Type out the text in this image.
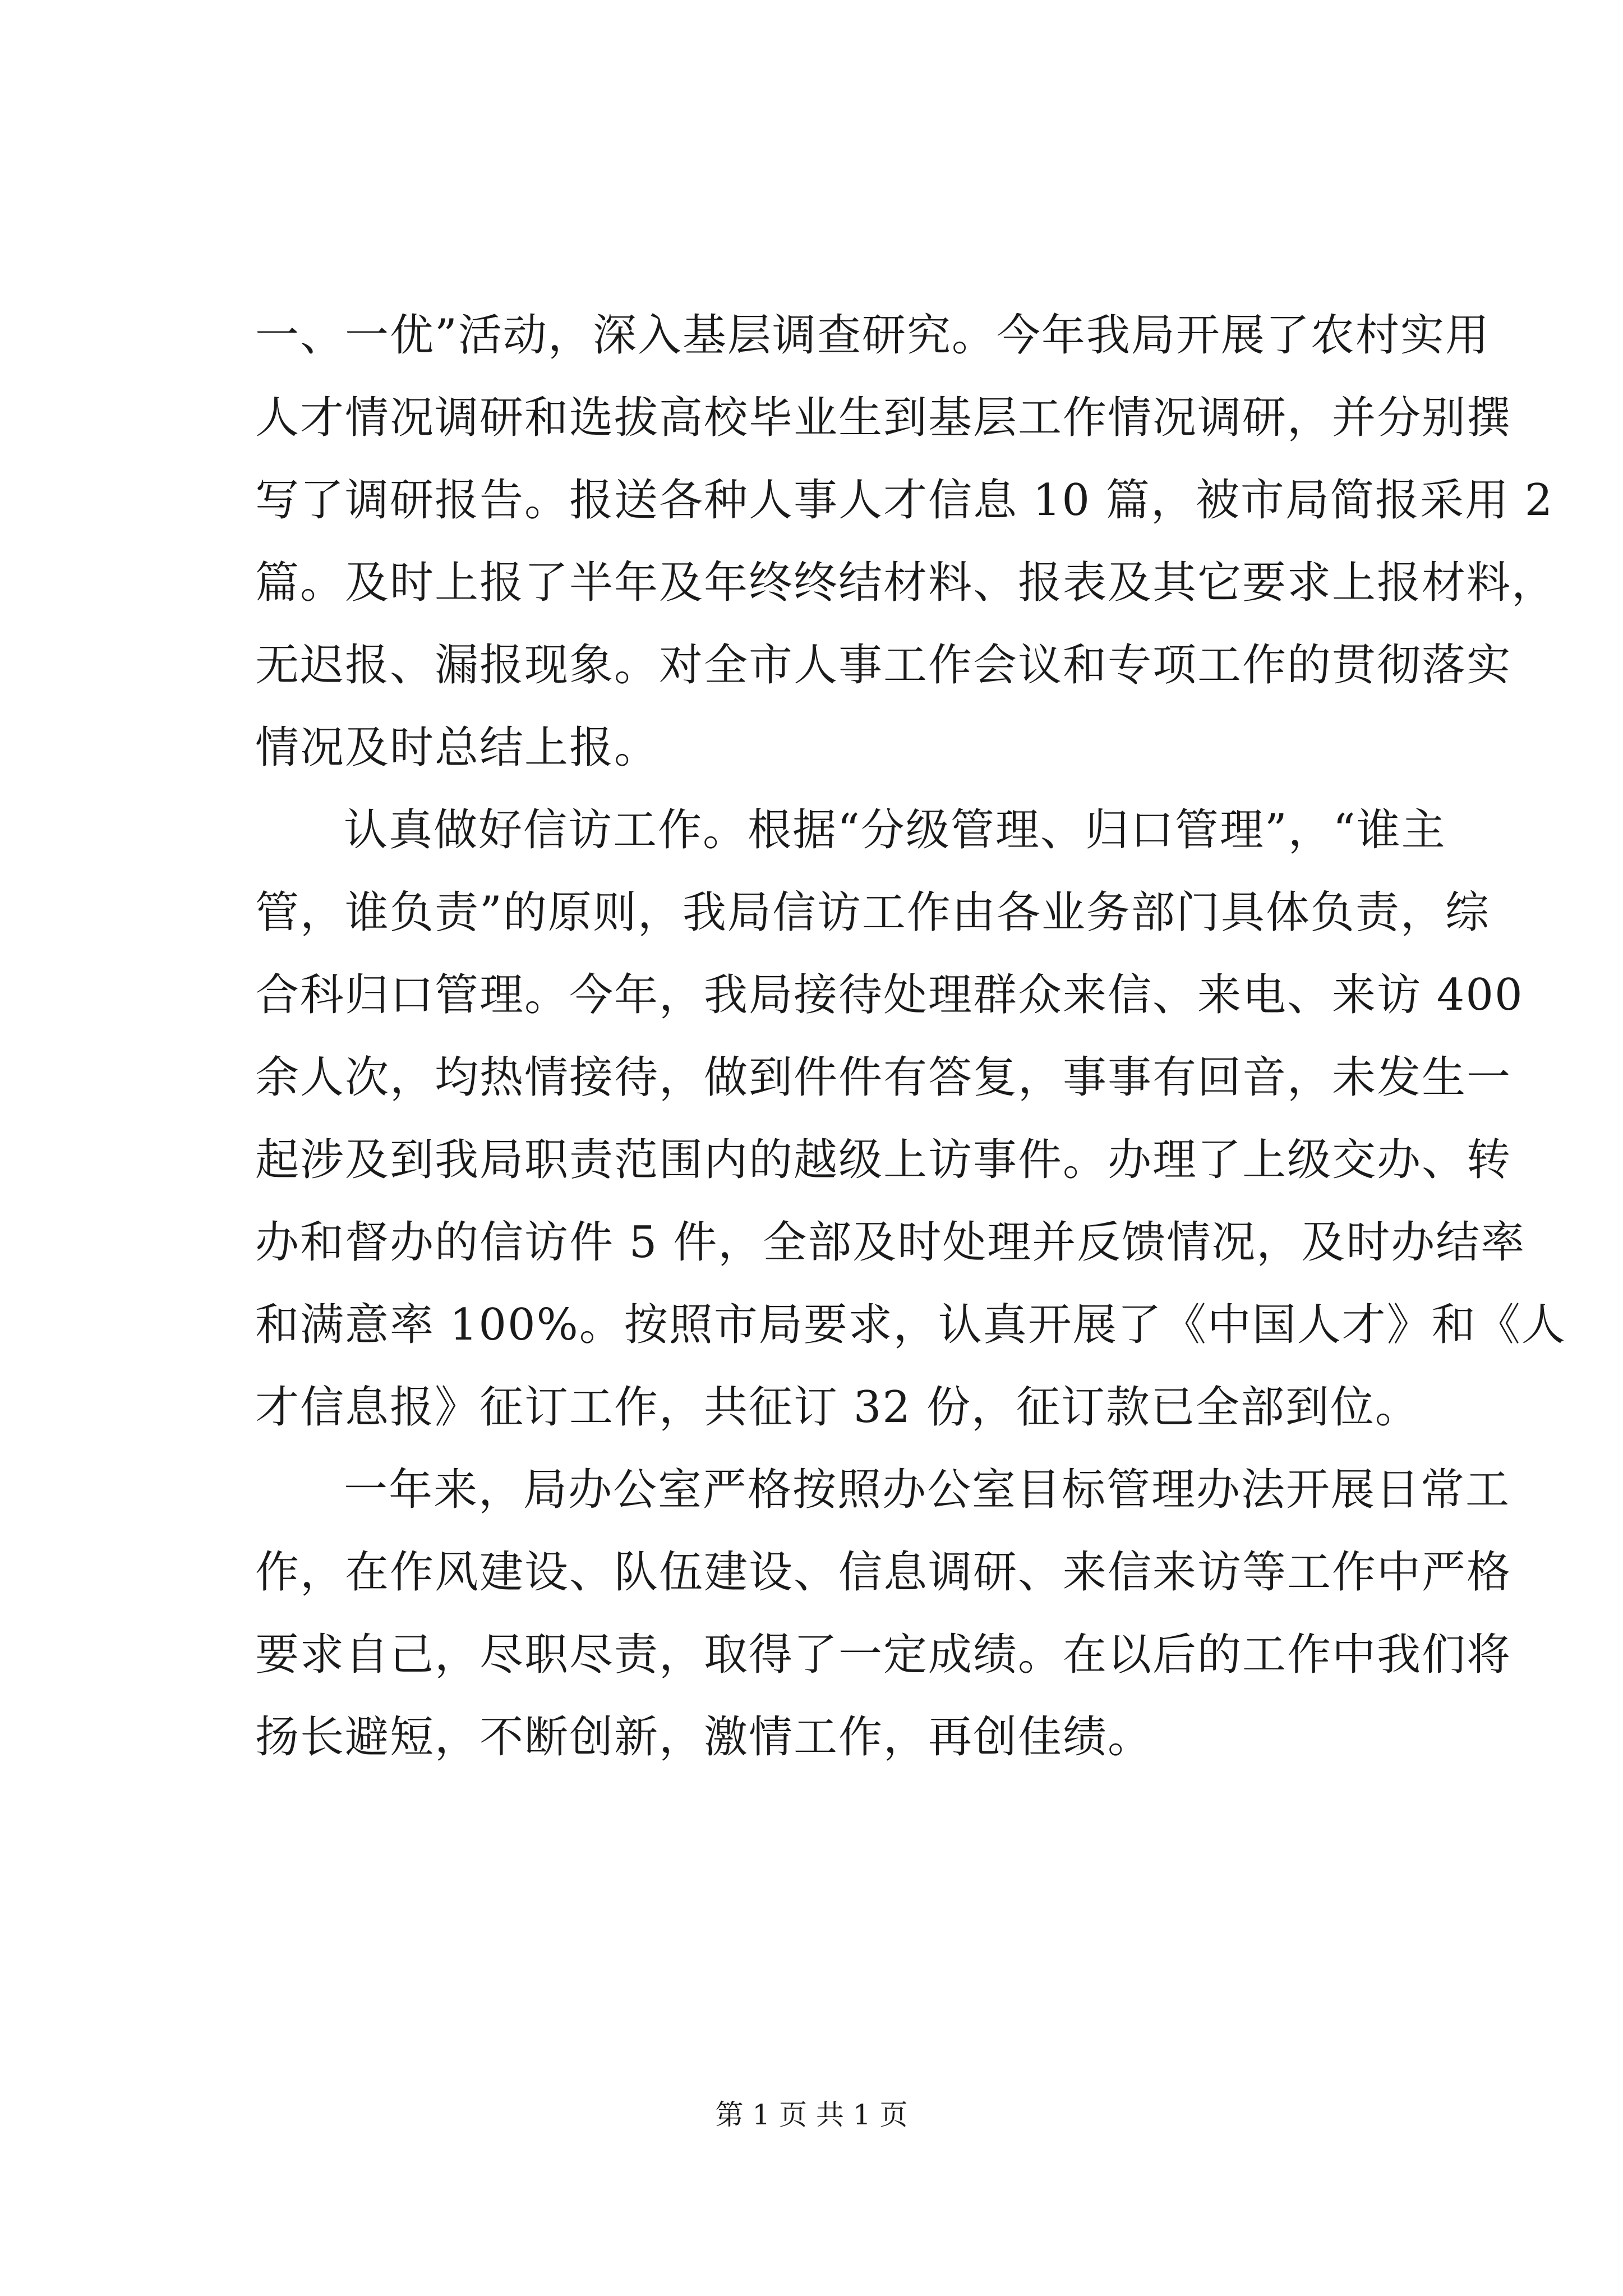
一、一优”活动，深入基层调查研究。今年我局开展了农村实用
人才情况调研和选拔高校毕业生到基层工作情况调研，并分别撰
写了调研报告。报送各种人事人才信息 10 篇，被市局简报采用 2
篇。及时上报了半年及年终终结材料、报表及其它要求上报材料，
无迟报、漏报现象。对全市人事工作会议和专项工作的贯彻落实
情况及时总结上报。
认真做好信访工作。根据“分级管理、归口管理”，“谁主
管，谁负责”的原则，我局信访工作由各业务部门具体负责，综
合科归口管理。今年，我局接待处理群众来信、来电、来访 400
余人次，均热情接待，做到件件有答复，事事有回音，未发生一
起涉及到我局职责范围内的越级上访事件。办理了上级交办、转
办和督办的信访件 5 件，全部及时处理并反馈情况，及时办结率
和满意率 100%。按照市局要求，认真开展了《中国人才》和《人
才信息报》征订工作，共征订 32 份，征订款已全部到位。
一年来，局办公室严格按照办公室目标管理办法开展日常工
作，在作风建设、队伍建设、信息调研、来信来访等工作中严格
要求自己，尽职尽责，取得了一定成绩。在以后的工作中我们将
扬长避短，不断创新，激情工作，再创佳绩。
第 1 页 共 1 页
